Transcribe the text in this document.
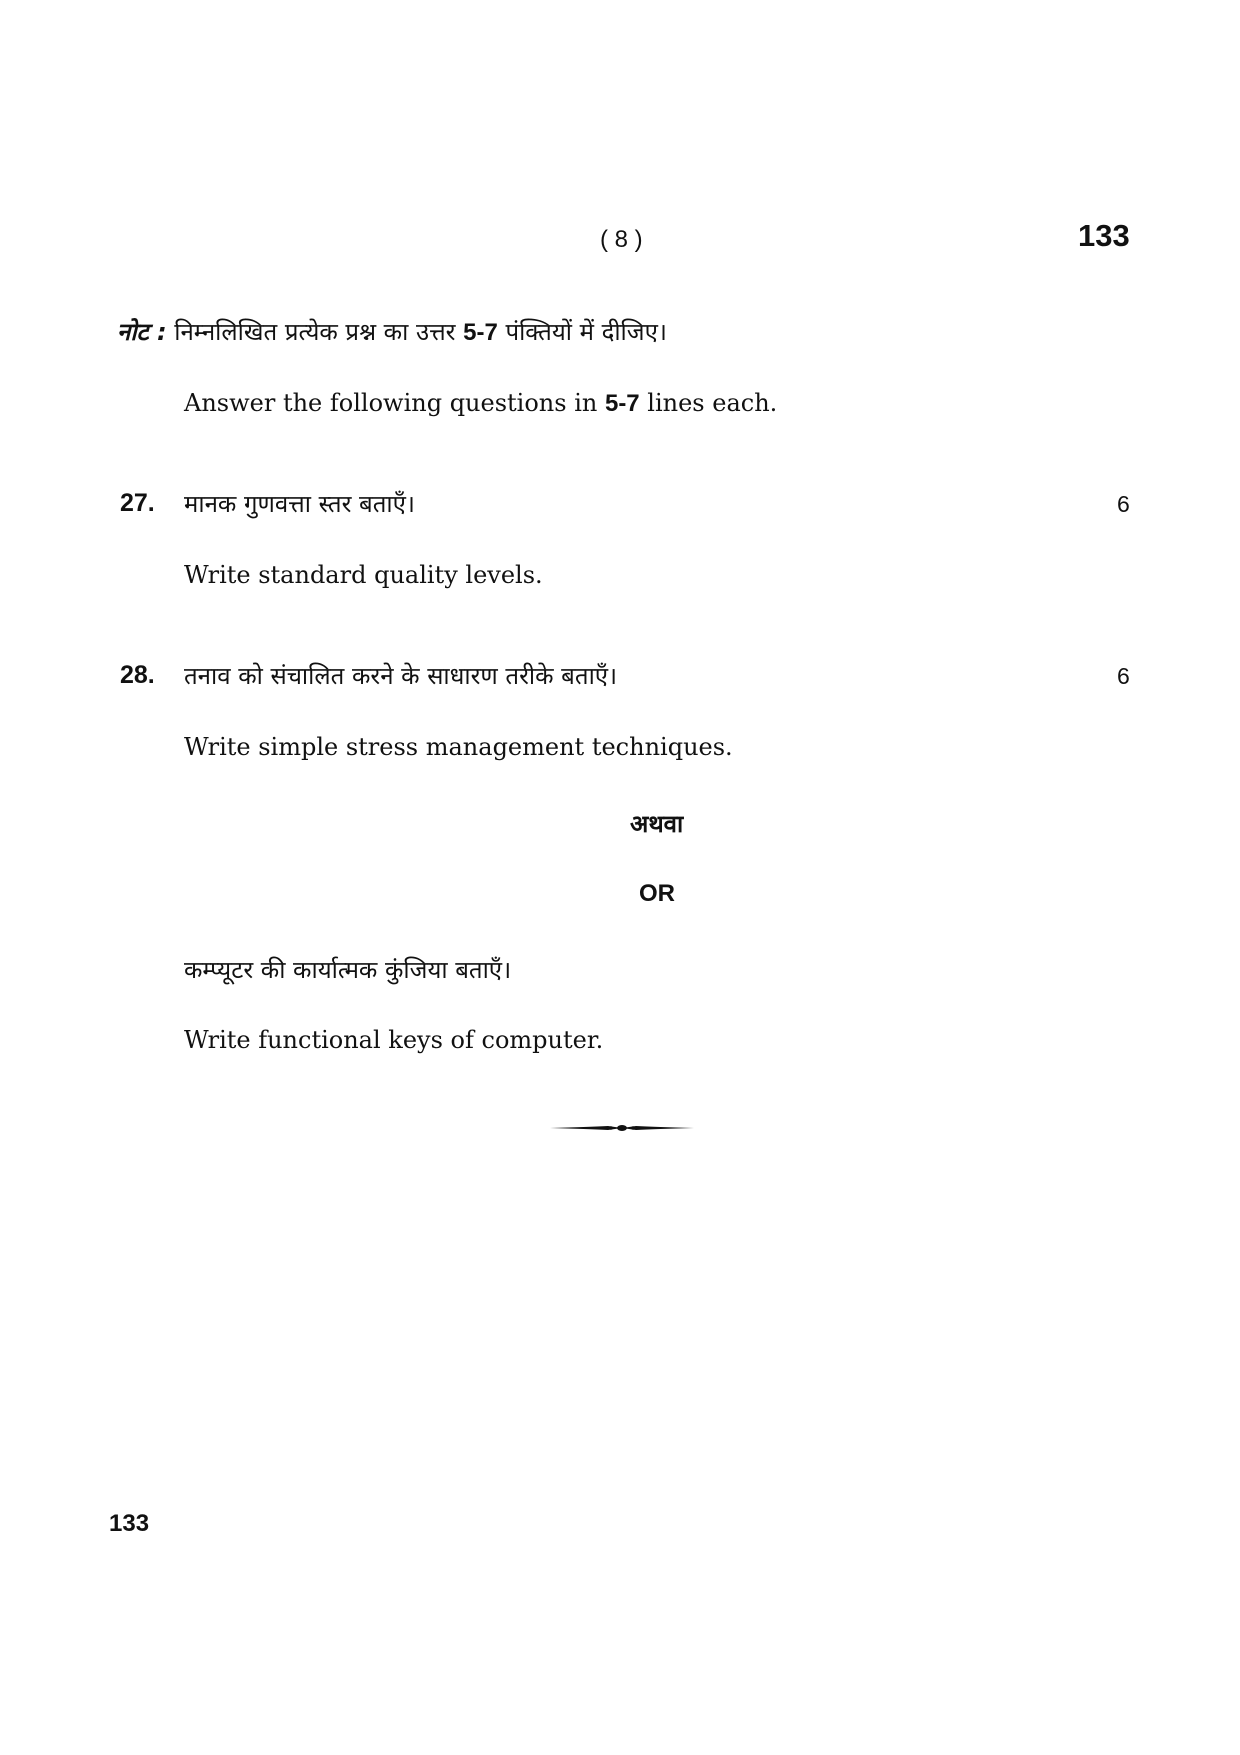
( 8 )	133
नोट : निम्नलिखित प्रत्येक प्रश्न का उत्तर 5-7 पंक्तियों में दीजिए।
Answer the following questions in 5-7 lines each.
27. मानक गुणवत्ता स्तर बताएँ।	6
Write standard quality levels.
28. तनाव को संचालित करने के साधारण तरीके बताएँ।	6
Write simple stress management techniques.
अथवा
OR
कम्प्यूटर की कार्यात्मक कुंजिया बताएँ।
Write functional keys of computer.
133
